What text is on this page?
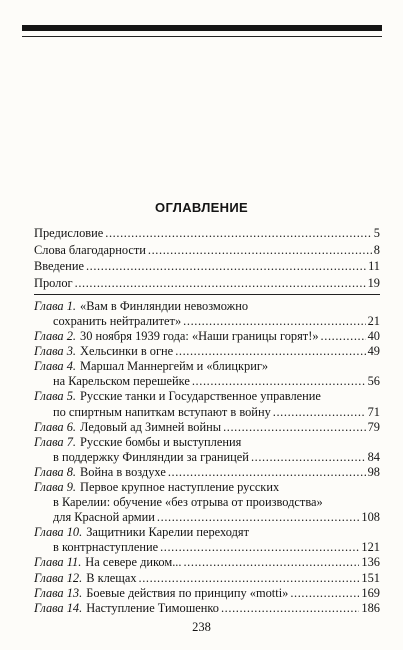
ОГЛАВЛЕНИЕ
Предисловие .....	5
Слова благодарности .....	8
Введение .....	11
Пролог .....	19
Глава 1. «Вам в Финляндии невозможно
сохранить нейтралитет» .....	21
Глава 2. 30 ноября 1939 года: «Наши границы горят!» .....	40
Глава 3. Хельсинки в огне .....	49
Глава 4. Маршал Маннергейм и «блицкриг»
на Карельском перешейке .....	56
Глава 5. Русские танки и Государственное управление
по спиртным напиткам вступают в войну .....	71
Глава 6. Ледовый ад Зимней войны .....	79
Глава 7. Русские бомбы и выступления
в поддержку Финляндии за границей .....	84
Глава 8. Война в воздухе .....	98
Глава 9. Первое крупное наступление русских
в Карелии: обучение «без отрыва от производства»
для Красной армии .....	108
Глава 10. Защитники Карелии переходят
в контрнаступление .....	121
Глава 11. На севере диком... .....	136
Глава 12. В клещах .....	151
Глава 13. Боевые действия по принципу «motti» .....	169
Глава 14. Наступление Тимошенко .....	186
238
